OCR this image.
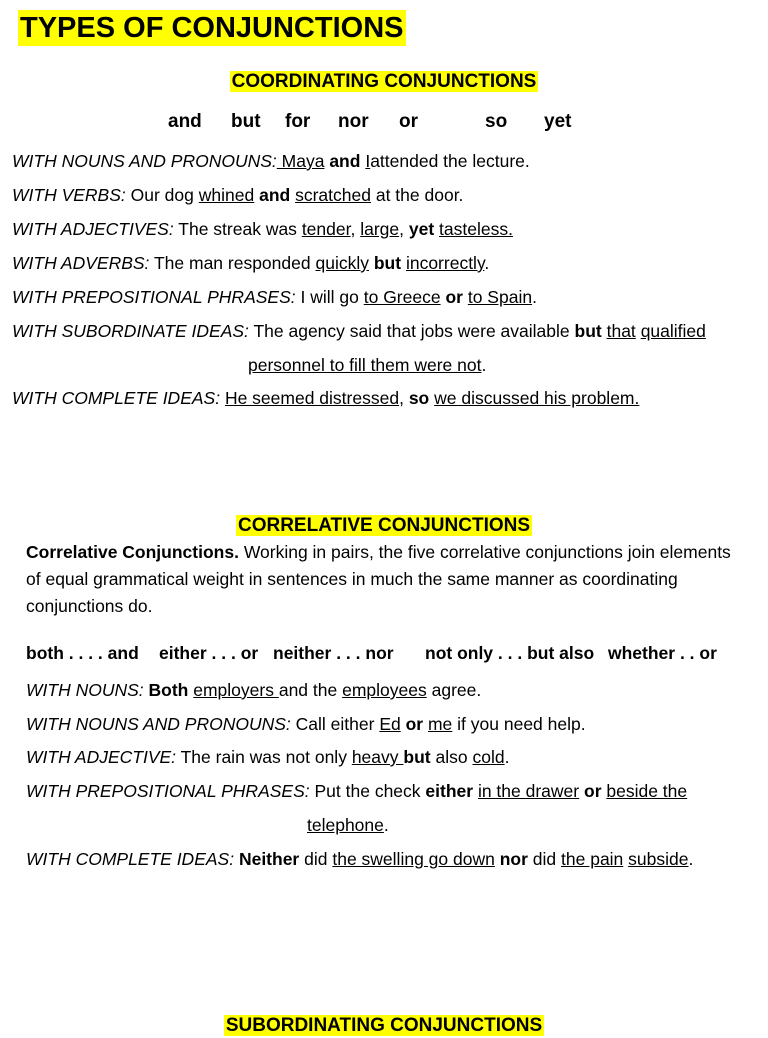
TYPES OF CONJUNCTIONS
COORDINATING CONJUNCTIONS
and but for nor or	so yet
WITH NOUNS AND PRONOUNS: Maya and Iattended the lecture.
WITH VERBS: Our dog whined and scratched at the door.
WITH ADJECTIVES: The streak was tender, large, yet tasteless.
WITH ADVERBS: The man responded quickly but incorrectly.
WITH PREPOSITIONAL PHRASES: I will go to Greece or to Spain.
WITH SUBORDINATE IDEAS: The agency said that jobs were available but that qualified
personnel to fill them were not.
WITH COMPLETE IDEAS: He seemed distressed, so we discussed his problem.
CORRELATIVE CONJUNCTIONS
Correlative Conjunctions. Working in pairs, the five correlative conjunctions join elements of equal grammatical weight in sentences in much the same manner as coordinating conjunctions do.
both . . . . and either . . . or neither . . . nor not only . . . but also whether . . or
WITH NOUNS: Both employers and the employees agree.
WITH NOUNS AND PRONOUNS: Call either Ed or me if you need help.
WITH ADJECTIVE: The rain was not only heavy but also cold.
WITH PREPOSITIONAL PHRASES: Put the check either in the drawer or beside the
telephone.
WITH COMPLETE IDEAS: Neither did the swelling go down nor did the pain subside.
SUBORDINATING CONJUNCTIONS
